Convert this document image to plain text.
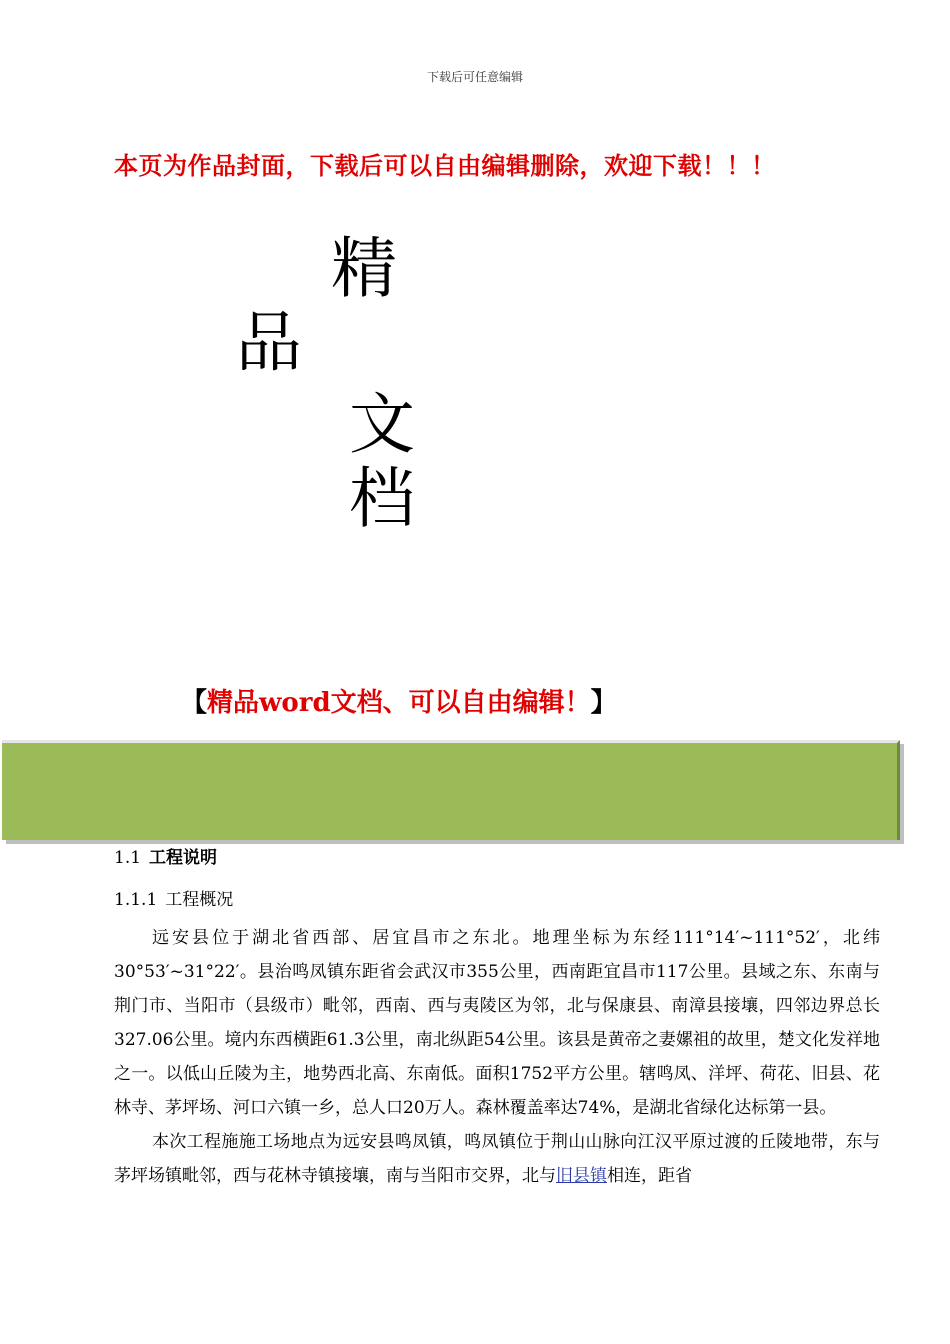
下载后可任意编辑
本页为作品封面，下载后可以自由编辑删除，欢迎下载！！！
精
品
文
档
【精品word文档、可以自由编辑！】

1.1 工程说明

1.1.1 工程概况

远安县位于湖北省西部、居宜昌市之东北。地理坐标为东经111°14′~111°52′，北纬30°53′~31°22′。县治鸣凤镇东距省会武汉市355公里，西南距宜昌市117公里。县域之东、东南与荆门市、当阳市（县级市）毗邻，西南、西与夷陵区为邻，北与保康县、南漳县接壤，四邻边界总长327.06公里。境内东西横距61.3公里，南北纵距54公里。该县是黄帝之妻嫘祖的故里，楚文化发祥地之一。以低山丘陵为主，地势西北高、东南低。面积1752平方公里。辖鸣凤、洋坪、荷花、旧县、花林寺、茅坪场、河口六镇一乡，总人口20万人。森林覆盖率达74%，是湖北省绿化达标第一县。

本次工程施施工场地点为远安县鸣凤镇，鸣凤镇位于荆山山脉向江汉平原过渡的丘陵地带，东与茅坪场镇毗邻，西与花林寺镇接壤，南与当阳市交界，北与旧县镇相连，距省
